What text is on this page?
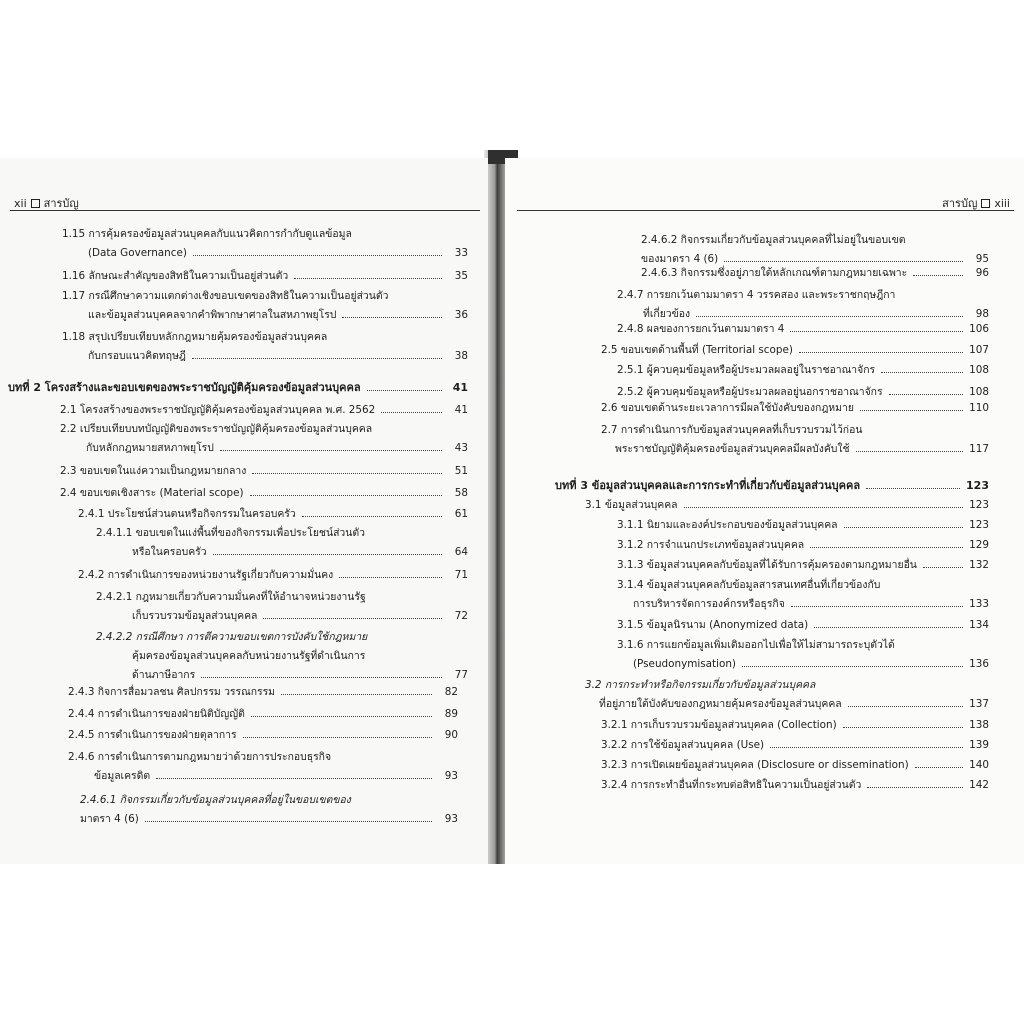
xii สารบัญ
1.15 การคุ้มครองข้อมูลส่วนบุคคลกับแนวคิดการกำกับดูแลข้อมูล
(Data Governance)	33
1.16 ลักษณะสำคัญของสิทธิในความเป็นอยู่ส่วนตัว	35
1.17 กรณีศึกษาความแตกต่างเชิงขอบเขตของสิทธิในความเป็นอยู่ส่วนตัว
และข้อมูลส่วนบุคคลจากคำพิพากษาศาลในสหภาพยุโรป	36
1.18 สรุปเปรียบเทียบหลักกฎหมายคุ้มครองข้อมูลส่วนบุคคล
กับกรอบแนวคิดทฤษฎี	38
บทที่ 2 โครงสร้างและขอบเขตของพระราชบัญญัติคุ้มครองข้อมูลส่วนบุคคล	41
2.1 โครงสร้างของพระราชบัญญัติคุ้มครองข้อมูลส่วนบุคคล พ.ศ. 2562	41
2.2 เปรียบเทียบบทบัญญัติของพระราชบัญญัติคุ้มครองข้อมูลส่วนบุคคล
กับหลักกฎหมายสหภาพยุโรป	43
2.3 ขอบเขตในแง่ความเป็นกฎหมายกลาง	51
2.4 ขอบเขตเชิงสาระ (Material scope)	58
2.4.1 ประโยชน์ส่วนตนหรือกิจกรรมในครอบครัว	61
2.4.1.1 ขอบเขตในแง่พื้นที่ของกิจกรรมเพื่อประโยชน์ส่วนตัว
หรือในครอบครัว	64
2.4.2 การดำเนินการของหน่วยงานรัฐเกี่ยวกับความมั่นคง	71
2.4.2.1 กฎหมายเกี่ยวกับความมั่นคงที่ให้อำนาจหน่วยงานรัฐ
เก็บรวบรวมข้อมูลส่วนบุคคล	72
2.4.2.2 กรณีศึกษา การตีความขอบเขตการบังคับใช้กฎหมาย
คุ้มครองข้อมูลส่วนบุคคลกับหน่วยงานรัฐที่ดำเนินการ
ด้านภาษีอากร	77
2.4.3 กิจการสื่อมวลชน ศิลปกรรม วรรณกรรม	82
2.4.4 การดำเนินการของฝ่ายนิติบัญญัติ	89
2.4.5 การดำเนินการของฝ่ายตุลาการ	90
2.4.6 การดำเนินการตามกฎหมายว่าด้วยการประกอบธุรกิจ
ข้อมูลเครดิต	93
2.4.6.1 กิจกรรมเกี่ยวกับข้อมูลส่วนบุคคลที่อยู่ในขอบเขตของ
มาตรา 4 (6)	93
สารบัญ xiii
2.4.6.2 กิจกรรมเกี่ยวกับข้อมูลส่วนบุคคลที่ไม่อยู่ในขอบเขต
ของมาตรา 4 (6)	95
2.4.6.3 กิจกรรมซึ่งอยู่ภายใต้หลักเกณฑ์ตามกฎหมายเฉพาะ	96
2.4.7 การยกเว้นตามมาตรา 4 วรรคสอง และพระราชกฤษฎีกา
ที่เกี่ยวข้อง	98
2.4.8 ผลของการยกเว้นตามมาตรา 4	106
2.5 ขอบเขตด้านพื้นที่ (Territorial scope)	107
2.5.1 ผู้ควบคุมข้อมูลหรือผู้ประมวลผลอยู่ในราชอาณาจักร	108
2.5.2 ผู้ควบคุมข้อมูลหรือผู้ประมวลผลอยู่นอกราชอาณาจักร	108
2.6 ขอบเขตด้านระยะเวลาการมีผลใช้บังคับของกฎหมาย	110
2.7 การดำเนินการกับข้อมูลส่วนบุคคลที่เก็บรวบรวมไว้ก่อน
พระราชบัญญัติคุ้มครองข้อมูลส่วนบุคคลมีผลบังคับใช้	117
บทที่ 3 ข้อมูลส่วนบุคคลและการกระทำที่เกี่ยวกับข้อมูลส่วนบุคคล	123
3.1 ข้อมูลส่วนบุคคล	123
3.1.1 นิยามและองค์ประกอบของข้อมูลส่วนบุคคล	123
3.1.2 การจำแนกประเภทข้อมูลส่วนบุคคล	129
3.1.3 ข้อมูลส่วนบุคคลกับข้อมูลที่ได้รับการคุ้มครองตามกฎหมายอื่น	132
3.1.4 ข้อมูลส่วนบุคคลกับข้อมูลสารสนเทศอื่นที่เกี่ยวข้องกับ
การบริหารจัดการองค์กรหรือธุรกิจ	133
3.1.5 ข้อมูลนิรนาม (Anonymized data)	134
3.1.6 การแยกข้อมูลเพิ่มเติมออกไปเพื่อให้ไม่สามารถระบุตัวได้
(Pseudonymisation)	136
3.2 การกระทำหรือกิจกรรมเกี่ยวกับข้อมูลส่วนบุคคล
ที่อยู่ภายใต้บังคับของกฎหมายคุ้มครองข้อมูลส่วนบุคคล	137
3.2.1 การเก็บรวบรวมข้อมูลส่วนบุคคล (Collection)	138
3.2.2 การใช้ข้อมูลส่วนบุคคล (Use)	139
3.2.3 การเปิดเผยข้อมูลส่วนบุคคล (Disclosure or dissemination)	140
3.2.4 การกระทำอื่นที่กระทบต่อสิทธิในความเป็นอยู่ส่วนตัว	142
